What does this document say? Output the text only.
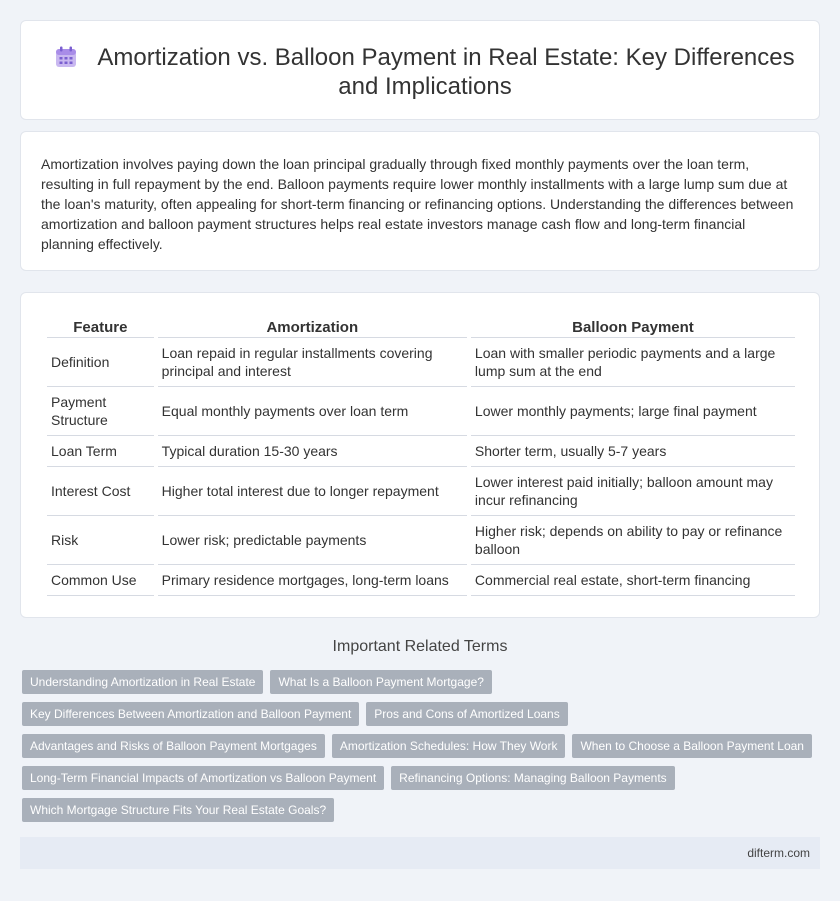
Amortization vs. Balloon Payment in Real Estate: Key Differences and Implications

Amortization involves paying down the loan principal gradually through fixed monthly payments over the loan term, resulting in full repayment by the end. Balloon payments require lower monthly installments with a large lump sum due at the loan's maturity, often appealing for short-term financing or refinancing options. Understanding the differences between amortization and balloon payment structures helps real estate investors manage cash flow and long-term financial planning effectively.

Feature	Amortization	Balloon Payment
Definition	Loan repaid in regular installments covering principal and interest	Loan with smaller periodic payments and a large lump sum at the end
Payment Structure	Equal monthly payments over loan term	Lower monthly payments; large final payment
Loan Term	Typical duration 15-30 years	Shorter term, usually 5-7 years
Interest Cost	Higher total interest due to longer repayment	Lower interest paid initially; balloon amount may incur refinancing
Risk	Lower risk; predictable payments	Higher risk; depends on ability to pay or refinance balloon
Common Use	Primary residence mortgages, long-term loans	Commercial real estate, short-term financing
Important Related Terms
Understanding Amortization in Real Estate	What Is a Balloon Payment Mortgage?
Key Differences Between Amortization and Balloon Payment	Pros and Cons of Amortized Loans
Advantages and Risks of Balloon Payment Mortgages	Amortization Schedules: How They Work	When to Choose a Balloon Payment Loan
Long-Term Financial Impacts of Amortization vs Balloon Payment	Refinancing Options: Managing Balloon Payments
Which Mortgage Structure Fits Your Real Estate Goals?
difterm.com
